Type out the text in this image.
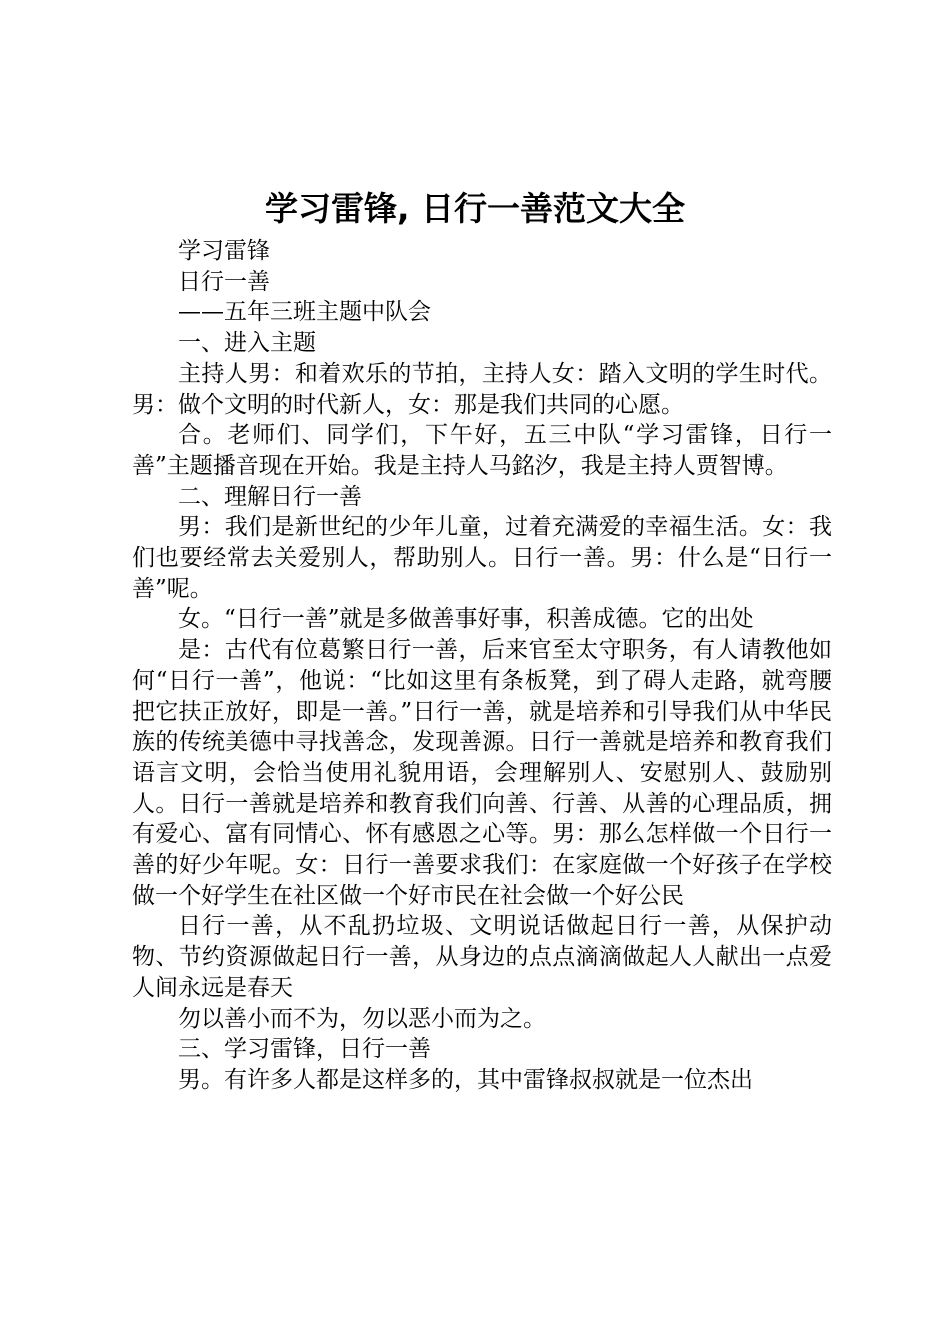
学习雷锋, 日行一善范文大全

学习雷锋

日行一善

——五年三班主题中队会

一、进入主题

主持人男：和着欢乐的节拍，主持人女：踏入文明的学生时代。男：做个文明的时代新人，女：那是我们共同的心愿。

合。老师们、同学们，下午好，五三中队“学习雷锋，日行一善”主题播音现在开始。我是主持人马銘汐，我是主持人贾智博。

二、理解日行一善

男：我们是新世纪的少年儿童，过着充满爱的幸福生活。女：我们也要经常去关爱别人，帮助别人。日行一善。男：什么是“日行一善”呢。

女。“日行一善”就是多做善事好事，积善成德。它的出处

是：古代有位葛繁日行一善，后来官至太守职务，有人请教他如何“日行一善”，他说：“比如这里有条板凳，到了碍人走路，就弯腰把它扶正放好，即是一善。”日行一善，就是培养和引导我们从中华民族的传统美德中寻找善念，发现善源。日行一善就是培养和教育我们语言文明，会恰当使用礼貌用语，会理解别人、安慰别人、鼓励别人。日行一善就是培养和教育我们向善、行善、从善的心理品质，拥有爱心、富有同情心、怀有感恩之心等。男：那么怎样做一个日行一善的好少年呢。女：日行一善要求我们：在家庭做一个好孩子在学校做一个好学生在社区做一个好市民在社会做一个好公民

日行一善，从不乱扔垃圾、文明说话做起日行一善，从保护动物、节约资源做起日行一善，从身边的点点滴滴做起人人献出一点爱人间永远是春天

勿以善小而不为，勿以恶小而为之。

三、学习雷锋，日行一善

男。有许多人都是这样多的，其中雷锋叔叔就是一位杰出
